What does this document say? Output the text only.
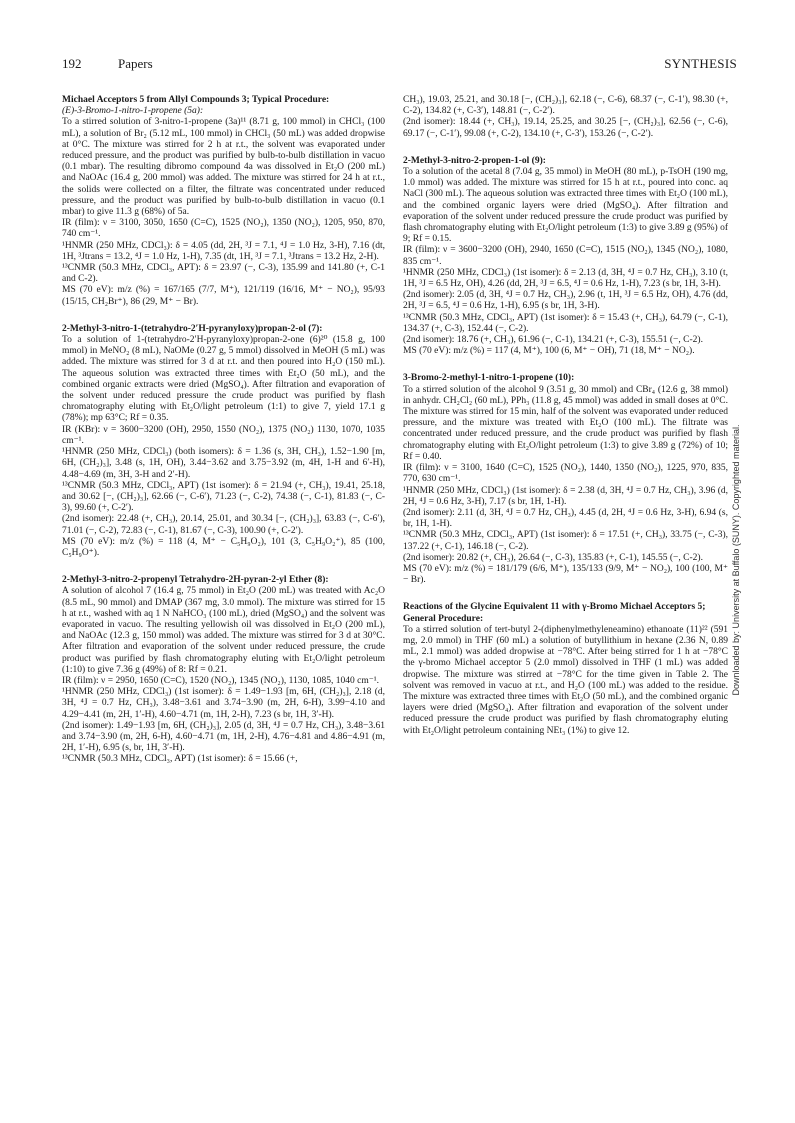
192	Papers	SYNTHESIS
Michael Acceptors 5 from Allyl Compounds 3; Typical Procedure:

(E)-3-Bromo-1-nitro-1-propene (5a):

To a stirred solution of 3-nitro-1-propene (3a)¹¹ (8.71 g, 100 mmol) in CHCl₃ (100 mL), a solution of Br₂ (5.12 mL, 100 mmol) in CHCl₃ (50 mL) was added dropwise at 0°C. The mixture was stirred for 2 h at r.t., the solvent was evaporated under reduced pressure, and the product was purified by bulb-to-bulb distillation in vacuo (0.1 mbar). The resulting dibromo compound 4a was dissolved in Et₂O (200 mL) and NaOAc (16.4 g, 200 mmol) was added. The mixture was stirred for 24 h at r.t., the solids were collected on a filter, the filtrate was concentrated under reduced pressure, and the product was purified by bulb-to-bulb distillation in vacuo (0.1 mbar) to give 11.3 g (68%) of 5a.

IR (film): ν = 3100, 3050, 1650 (C=C), 1525 (NO₂), 1350 (NO₂), 1205, 950, 870, 740 cm⁻¹.

¹HNMR (250 MHz, CDCl₃): δ = 4.05 (dd, 2H, ³J = 7.1, ⁴J = 1.0 Hz, 3-H), 7.16 (dt, 1H, ³Jtrans = 13.2, ⁴J = 1.0 Hz, 1-H), 7.35 (dt, 1H, ³J = 7.1, ³Jtrans = 13.2 Hz, 2-H).

¹³CNMR (50.3 MHz, CDCl₃, APT): δ = 23.97 (−, C-3), 135.99 and 141.80 (+, C-1 and C-2).

MS (70 eV): m/z (%) = 167/165 (7/7, M⁺), 121/119 (16/16, M⁺ − NO₂), 95/93 (15/15, CH₂Br⁺), 86 (29, M⁺ − Br).

2-Methyl-3-nitro-1-(tetrahydro-2′H-pyranyloxy)propan-2-ol (7):

To a solution of 1-(tetrahydro-2′H-pyranyloxy)propan-2-one (6)²⁰ (15.8 g, 100 mmol) in MeNO₂ (8 mL), NaOMe (0.27 g, 5 mmol) dissolved in MeOH (5 mL) was added. The mixture was stirred for 3 d at r.t. and then poured into H₂O (150 mL). The aqueous solution was extracted three times with Et₂O (50 mL), and the combined organic extracts were dried (MgSO₄). After filtration and evaporation of the solvent under reduced pressure the crude product was purified by flash chromatography eluting with Et₂O/light petroleum (1:1) to give 7, yield 17.1 g (78%); mp 63°C; Rf = 0.35.

IR (KBr): ν = 3600−3200 (OH), 2950, 1550 (NO₂), 1375 (NO₂) 1130, 1070, 1035 cm⁻¹.

¹HNMR (250 MHz, CDCl₃) (both isomers): δ = 1.36 (s, 3H, CH₃), 1.52−1.90 [m, 6H, (CH₂)₃], 3.48 (s, 1H, OH), 3.44−3.62 and 3.75−3.92 (m, 4H, 1-H and 6′-H), 4.48−4.69 (m, 3H, 3-H and 2′-H).

¹³CNMR (50.3 MHz, CDCl₃, APT) (1st isomer): δ = 21.94 (+, CH₃), 19.41, 25.18, and 30.62 [−, (CH₂)₃], 62.66 (−, C-6′), 71.23 (−, C-2), 74.38 (−, C-1), 81.83 (−, C-3), 99.60 (+, C-2′).

(2nd isomer): 22.48 (+, CH₃), 20.14, 25.01, and 30.34 [−, (CH₂)₃], 63.83 (−, C-6′), 71.01 (−, C-2), 72.83 (−, C-1), 81.67 (−, C-3), 100.90 (+, C-2′).

MS (70 eV): m/z (%) = 118 (4, M⁺ − C₅H₉O₂), 101 (3, C₅H₉O₂⁺), 85 (100, C₅H₉O⁺).

2-Methyl-3-nitro-2-propenyl Tetrahydro-2H-pyran-2-yl Ether (8):

A solution of alcohol 7 (16.4 g, 75 mmol) in Et₂O (200 mL) was treated with Ac₂O (8.5 mL, 90 mmol) and DMAP (367 mg, 3.0 mmol). The mixture was stirred for 15 h at r.t., washed with aq 1 N NaHCO₃ (100 mL), dried (MgSO₄) and the solvent was evaporated in vacuo. The resulting yellowish oil was dissolved in Et₂O (200 mL), and NaOAc (12.3 g, 150 mmol) was added. The mixture was stirred for 3 d at 30°C. After filtration and evaporation of the solvent under reduced pressure, the crude product was purified by flash chromatography eluting with Et₂O/light petroleum (1:10) to give 7.36 g (49%) of 8: Rf = 0.21.

IR (film): ν = 2950, 1650 (C=C), 1520 (NO₂), 1345 (NO₂), 1130, 1085, 1040 cm⁻¹.

¹HNMR (250 MHz, CDCl₃) (1st isomer): δ = 1.49−1.93 [m, 6H, (CH₂)₃], 2.18 (d, 3H, ⁴J = 0.7 Hz, CH₃), 3.48−3.61 and 3.74−3.90 (m, 2H, 6-H), 3.99−4.10 and 4.29−4.41 (m, 2H, 1′-H), 4.60−4.71 (m, 1H, 2-H), 7.23 (s br, 1H, 3′-H).

(2nd isomer): 1.49−1.93 [m, 6H, (CH₂)₃], 2.05 (d, 3H, ⁴J = 0.7 Hz, CH₃), 3.48−3.61 and 3.74−3.90 (m, 2H, 6-H), 4.60−4.71 (m, 1H, 2-H), 4.76−4.81 and 4.86−4.91 (m, 2H, 1′-H), 6.95 (s, br, 1H, 3′-H).

¹³CNMR (50.3 MHz, CDCl₃, APT) (1st isomer): δ = 15.66 (+,

CH₃), 19.03, 25.21, and 30.18 [−, (CH₂)₃], 62.18 (−, C-6), 68.37 (−, C-1′), 98.30 (+, C-2), 134.82 (+, C-3′), 148.81 (−, C-2′).

(2nd isomer): 18.44 (+, CH₃), 19.14, 25.25, and 30.25 [−, (CH₂)₃], 62.56 (−, C-6), 69.17 (−, C-1′), 99.08 (+, C-2), 134.10 (+, C-3′), 153.26 (−, C-2′).

2-Methyl-3-nitro-2-propen-1-ol (9):

To a solution of the acetal 8 (7.04 g, 35 mmol) in MeOH (80 mL), p-TsOH (190 mg, 1.0 mmol) was added. The mixture was stirred for 15 h at r.t., poured into conc. aq NaCl (300 mL). The aqueous solution was extracted three times with Et₂O (100 mL), and the combined organic layers were dried (MgSO₄). After filtration and evaporation of the solvent under reduced pressure the crude product was purified by flash chromatography eluting with Et₂O/light petroleum (1:3) to give 3.89 g (95%) of 9; Rf = 0.15.

IR (film): ν = 3600−3200 (OH), 2940, 1650 (C=C), 1515 (NO₂), 1345 (NO₂), 1080, 835 cm⁻¹.

¹HNMR (250 MHz, CDCl₃) (1st isomer): δ = 2.13 (d, 3H, ⁴J = 0.7 Hz, CH₃), 3.10 (t, 1H, ³J = 6.5 Hz, OH), 4.26 (dd, 2H, ³J = 6.5, ⁴J = 0.6 Hz, 1-H), 7.23 (s br, 1H, 3-H).

(2nd isomer): 2.05 (d, 3H, ⁴J = 0.7 Hz, CH₃), 2.96 (t, 1H, ³J = 6.5 Hz, OH), 4.76 (dd, 2H, ³J = 6.5, ⁴J = 0.6 Hz, 1-H), 6.95 (s br, 1H, 3-H).

¹³CNMR (50.3 MHz, CDCl₃, APT) (1st isomer): δ = 15.43 (+, CH₃), 64.79 (−, C-1), 134.37 (+, C-3), 152.44 (−, C-2).

(2nd isomer): 18.76 (+, CH₃), 61.96 (−, C-1), 134.21 (+, C-3), 155.51 (−, C-2).

MS (70 eV): m/z (%) = 117 (4, M⁺), 100 (6, M⁺ − OH), 71 (18, M⁺ − NO₂).

3-Bromo-2-methyl-1-nitro-1-propene (10):

To a stirred solution of the alcohol 9 (3.51 g, 30 mmol) and CBr₄ (12.6 g, 38 mmol) in anhydr. CH₂Cl₂ (60 mL), PPh₃ (11.8 g, 45 mmol) was added in small doses at 0°C. The mixture was stirred for 15 min, half of the solvent was evaporated under reduced pressure, and the mixture was treated with Et₂O (100 mL). The filtrate was concentrated under reduced pressure, and the crude product was purified by flash chromatography eluting with Et₂O/light petroleum (1:3) to give 3.89 g (72%) of 10; Rf = 0.40.

IR (film): ν = 3100, 1640 (C=C), 1525 (NO₂), 1440, 1350 (NO₂), 1225, 970, 835, 770, 630 cm⁻¹.

¹HNMR (250 MHz, CDCl₃) (1st isomer): δ = 2.38 (d, 3H, ⁴J = 0.7 Hz, CH₃), 3.96 (d, 2H, ⁴J = 0.6 Hz, 3-H), 7.17 (s br, 1H, 1-H).

(2nd isomer): 2.11 (d, 3H, ⁴J = 0.7 Hz, CH₃), 4.45 (d, 2H, ⁴J = 0.6 Hz, 3-H), 6.94 (s, br, 1H, 1-H).

¹³CNMR (50.3 MHz, CDCl₃, APT) (1st isomer): δ = 17.51 (+, CH₃), 33.75 (−, C-3), 137.22 (+, C-1), 146.18 (−, C-2).

(2nd isomer): 20.82 (+, CH₃), 26.64 (−, C-3), 135.83 (+, C-1), 145.55 (−, C-2).

MS (70 eV): m/z (%) = 181/179 (6/6, M⁺), 135/133 (9/9, M⁺ − NO₂), 100 (100, M⁺ − Br).

Reactions of the Glycine Equivalent 11 with γ-Bromo Michael Acceptors 5; General Procedure:

To a stirred solution of tert-butyl 2-(diphenylmethyleneamino) ethanoate (11)²² (591 mg, 2.0 mmol) in THF (60 mL) a solution of butyllithium in hexane (2.36 N, 0.89 mL, 2.1 mmol) was added dropwise at −78°C. After being stirred for 1 h at −78°C the γ-bromo Michael acceptor 5 (2.0 mmol) dissolved in THF (1 mL) was added dropwise. The mixture was stirred at −78°C for the time given in Table 2. The solvent was removed in vacuo at r.t., and H₂O (100 mL) was added to the residue. The mixture was extracted three times with Et₂O (50 mL), and the combined organic layers were dried (MgSO₄). After filtration and evaporation of the solvent under reduced pressure the crude product was purified by flash chromatography eluting with Et₂O/light petroleum containing NEt₃ (1%) to give 12.

Downloaded by: University at Buffalo (SUNY). Copyrighted material.
